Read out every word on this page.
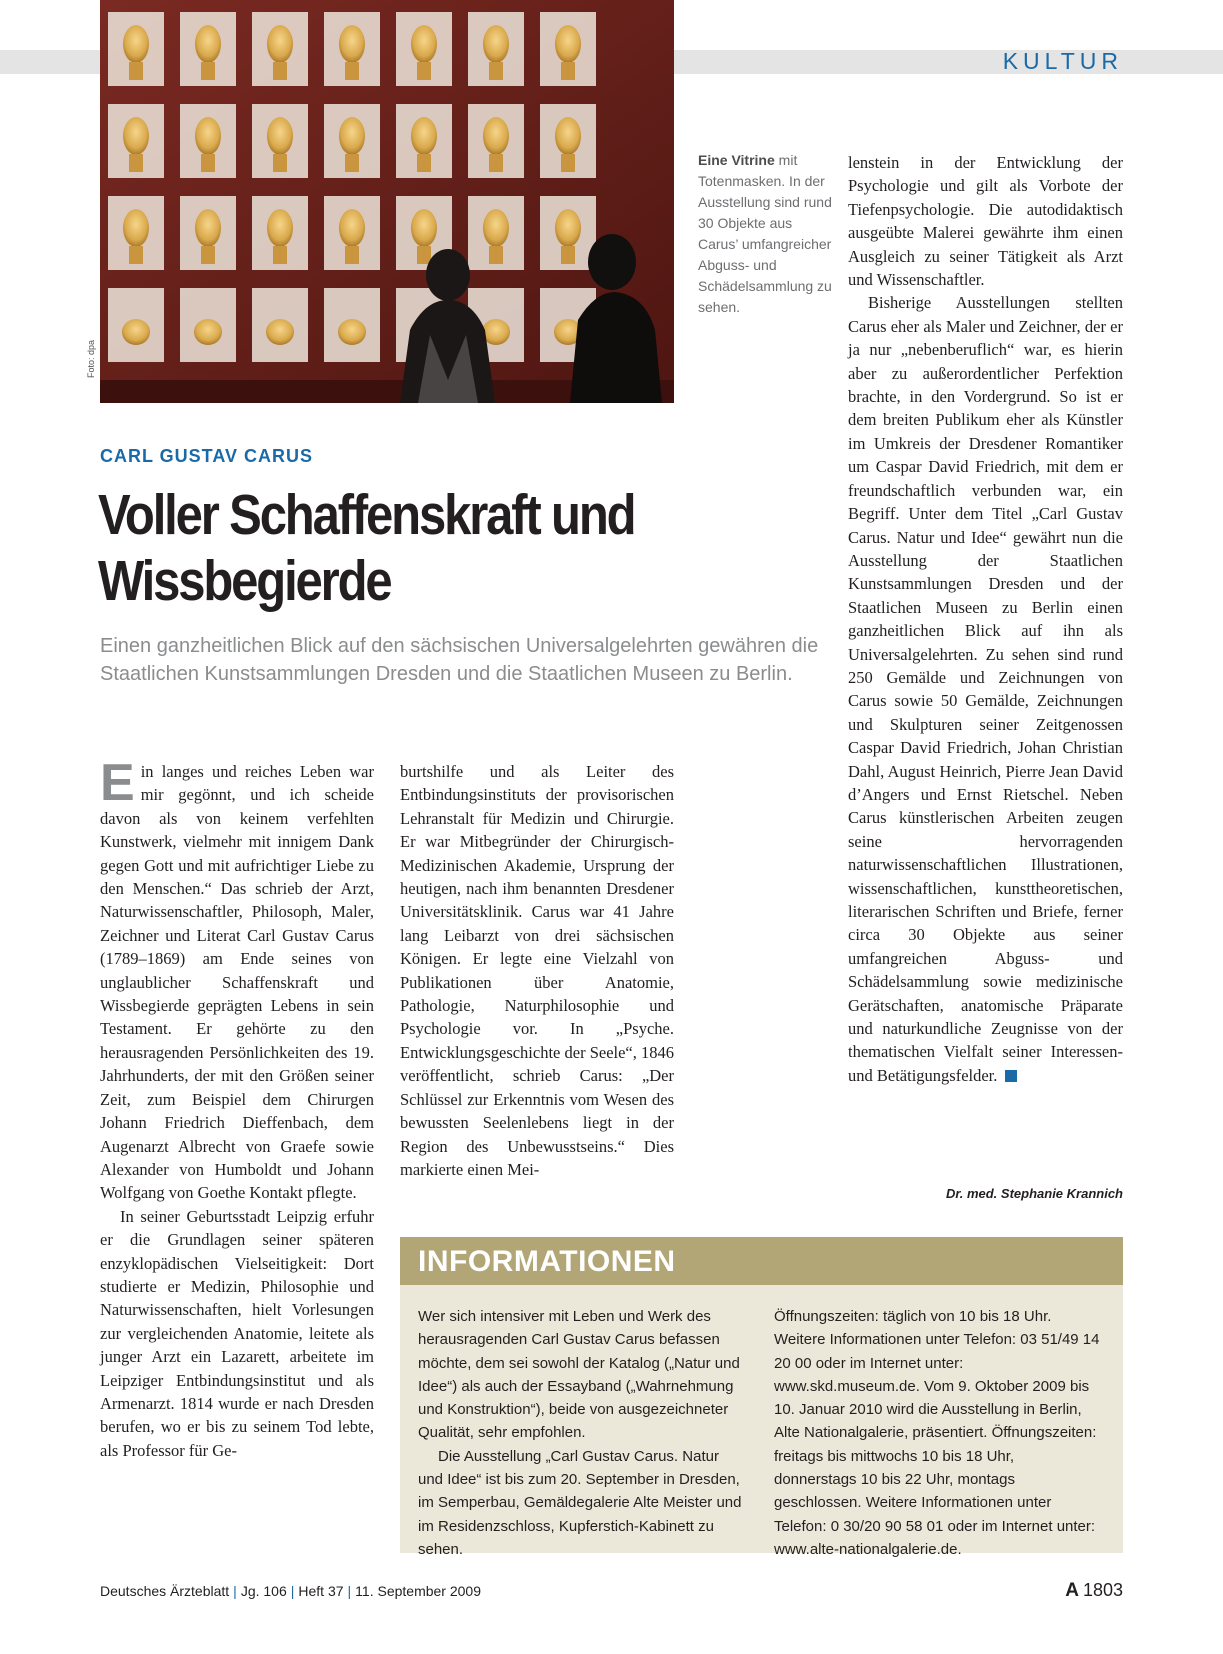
KULTUR
Foto: dpa
Eine Vitrine mit Totenmasken. In der Ausstellung sind rund 30 Objekte aus Carus’ umfangreicher Abguss- und Schädelsammlung zu sehen.
CARL GUSTAV CARUS
Voller Schaffenskraft und Wissbegierde
Einen ganzheitlichen Blick auf den sächsischen Universalgelehrten gewähren die Staatlichen Kunstsammlungen Dresden und die Staatlichen Museen zu Berlin.

Ein langes und reiches Leben war mir gegönnt, und ich scheide davon als von keinem verfehlten Kunstwerk, vielmehr mit innigem Dank gegen Gott und mit aufrichtiger Liebe zu den Menschen.“ Das schrieb der Arzt, Naturwissenschaftler, Philosoph, Maler, Zeichner und Literat Carl Gustav Carus (1789–1869) am Ende seines von unglaublicher Schaffenskraft und Wissbegierde geprägten Lebens in sein Testament. Er gehörte zu den herausragenden Persönlichkeiten des 19. Jahrhunderts, der mit den Größen seiner Zeit, zum Beispiel dem Chirurgen Johann Friedrich Dieffenbach, dem Augenarzt Albrecht von Graefe sowie Alexander von Humboldt und Johann Wolfgang von Goethe Kontakt pflegte.

In seiner Geburtsstadt Leipzig erfuhr er die Grundlagen seiner späteren enzyklopädischen Vielseitigkeit: Dort studierte er Medizin, Philosophie und Naturwissenschaften, hielt Vorlesungen zur vergleichenden Anatomie, leitete als junger Arzt ein Lazarett, arbeitete im Leipziger Entbindungsinstitut und als Armenarzt. 1814 wurde er nach Dresden berufen, wo er bis zu seinem Tod lebte, als Professor für Ge-

burtshilfe und als Leiter des Entbindungsinstituts der provisorischen Lehranstalt für Medizin und Chirurgie. Er war Mitbegründer der Chirurgisch-Medizinischen Akademie, Ursprung der heutigen, nach ihm benannten Dresdener Universitätsklinik. Carus war 41 Jahre lang Leibarzt von drei sächsischen Königen. Er legte eine Vielzahl von Publikationen über Anatomie, Pathologie, Naturphilosophie und Psychologie vor. In „Psyche. Entwicklungsgeschichte der Seele“, 1846 veröffentlicht, schrieb Carus: „Der Schlüssel zur Erkenntnis vom Wesen des bewussten Seelenlebens liegt in der Region des Unbewusstseins.“ Dies markierte einen Mei-

lenstein in der Entwicklung der Psychologie und gilt als Vorbote der Tiefenpsychologie. Die autodidaktisch ausgeübte Malerei gewährte ihm einen Ausgleich zu seiner Tätigkeit als Arzt und Wissenschaftler.

Bisherige Ausstellungen stellten Carus eher als Maler und Zeichner, der er ja nur „nebenberuflich“ war, es hierin aber zu außerordentlicher Perfektion brachte, in den Vordergrund. So ist er dem breiten Publikum eher als Künstler im Umkreis der Dresdener Romantiker um Caspar David Friedrich, mit dem er freundschaftlich verbunden war, ein Begriff. Unter dem Titel „Carl Gustav Carus. Natur und Idee“ gewährt nun die Ausstellung der Staatlichen Kunstsammlungen Dresden und der Staatlichen Museen zu Berlin einen ganzheitlichen Blick auf ihn als Universalgelehrten. Zu sehen sind rund 250 Gemälde und Zeichnungen von Carus sowie 50 Gemälde, Zeichnungen und Skulpturen seiner Zeitgenossen Caspar David Friedrich, Johan Christian Dahl, August Heinrich, Pierre Jean David d’Angers und Ernst Rietschel. Neben Carus künstlerischen Arbeiten zeugen seine hervorragenden naturwissenschaftlichen Illustrationen, wissenschaftlichen, kunsttheoretischen, literarischen Schriften und Briefe, ferner circa 30 Objekte aus seiner umfangreichen Abguss- und Schädelsammlung sowie medizinische Gerätschaften, anatomische Präparate und naturkundliche Zeugnisse von der thematischen Vielfalt seiner Interessen- und Betätigungsfelder.

Dr. med. Stephanie Krannich
INFORMATIONEN

Wer sich intensiver mit Leben und Werk des herausragenden Carl Gustav Carus befassen möchte, dem sei sowohl der Katalog („Natur und Idee“) als auch der Essayband („Wahrnehmung und Konstruktion“), beide von ausgezeichneter Qualität, sehr empfohlen.

Die Ausstellung „Carl Gustav Carus. Natur und Idee“ ist bis zum 20. September in Dresden, im Semperbau, Gemäldegalerie Alte Meister und im Residenzschloss, Kupferstich-Kabinett zu sehen.

Öffnungszeiten: täglich von 10 bis 18 Uhr. Weitere Informationen unter Telefon: 03 51/49 14 20 00 oder im Internet unter: www.skd.museum.de. Vom 9. Oktober 2009 bis 10. Januar 2010 wird die Ausstellung in Berlin, Alte Nationalgalerie, präsentiert. Öffnungszeiten: freitags bis mittwochs 10 bis 18 Uhr, donnerstags 10 bis 22 Uhr, montags geschlossen. Weitere Informationen unter Telefon: 0 30/20 90 58 01 oder im Internet unter: www.alte-nationalgalerie.de.

Deutsches Ärzteblatt | Jg. 106 | Heft 37 | 11. September 2009	A 1803
